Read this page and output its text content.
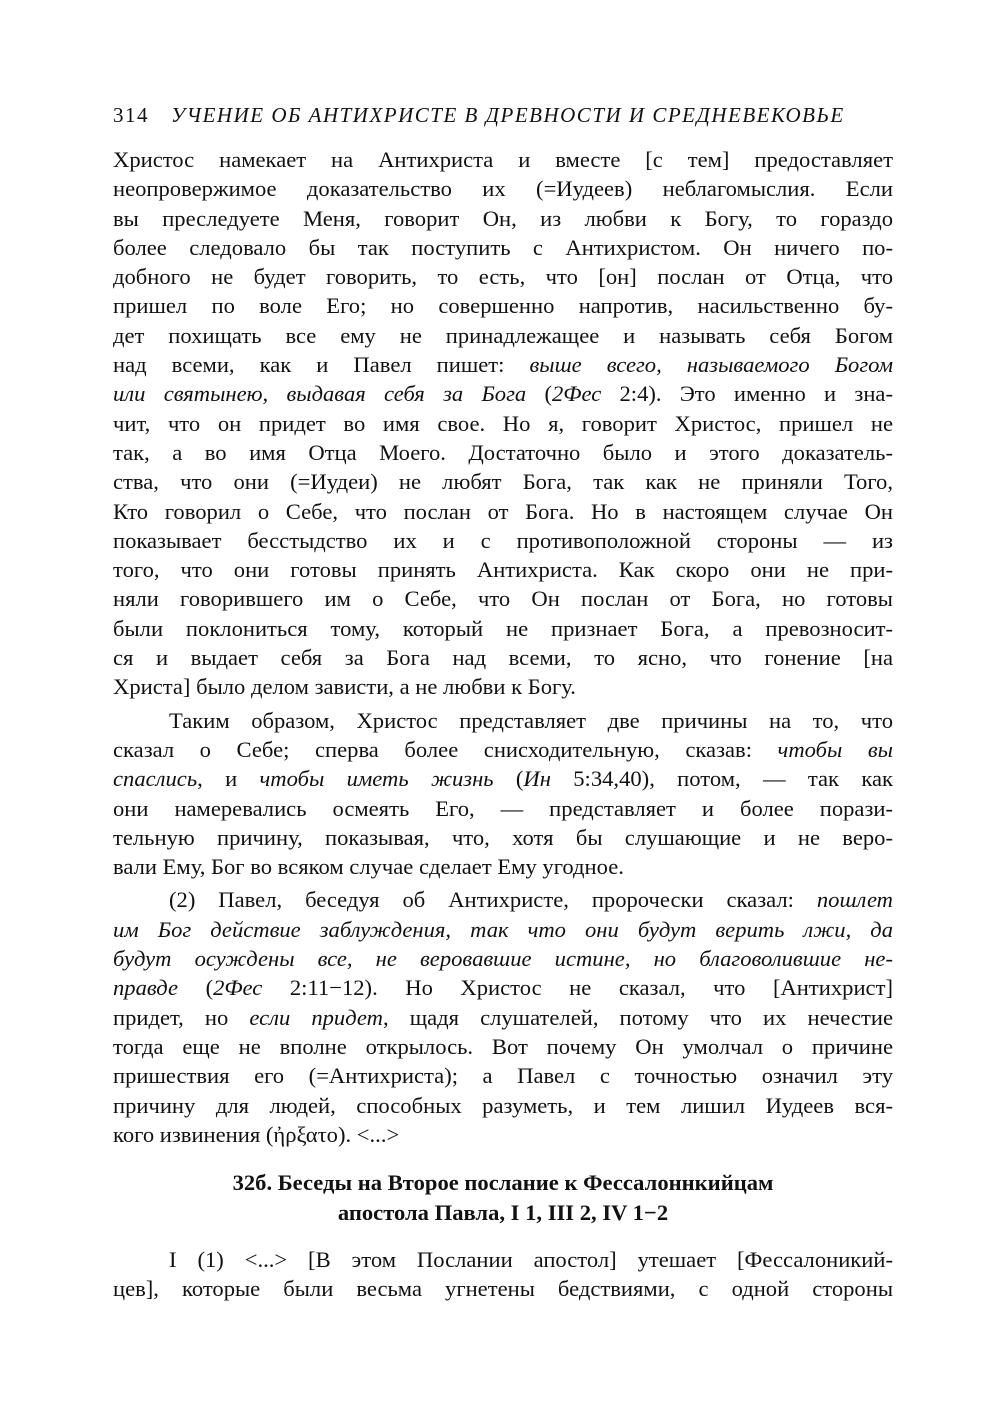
314 УЧЕНИЕ ОБ АНТИХРИСТЕ В ДРЕВНОСТИ И СРЕДНЕВЕКОВЬЕ
Христос намекает на Антихриста и вместе [с тем] предоставляет
неопровержимое доказательство их (=Иудеев) неблагомыслия. Если
вы преследуете Меня, говорит Он, из любви к Богу, то гораздо
более следовало бы так поступить с Антихристом. Он ничего по-
добного не будет говорить, то есть, что [он] послан от Отца, что
пришел по воле Его; но совершенно напротив, насильственно бу-
дет похищать все ему не принадлежащее и называть себя Богом
над всеми, как и Павел пишет: выше всего, называемого Богом
или святынею, выдавая себя за Бога (2Фес 2:4). Это именно и зна-
чит, что он придет во имя свое. Но я, говорит Христос, пришел не
так, а во имя Отца Моего. Достаточно было и этого доказатель-
ства, что они (=Иудеи) не любят Бога, так как не приняли Того,
Кто говорил о Себе, что послан от Бога. Но в настоящем случае Он
показывает бесстыдство их и с противоположной стороны — из
того, что они готовы принять Антихриста. Как скоро они не при-
няли говорившего им о Себе, что Он послан от Бога, но готовы
были поклониться тому, который не признает Бога, а превозносит-
ся и выдает себя за Бога над всеми, то ясно, что гонение [на
Христа] было делом зависти, а не любви к Богу.
Таким образом, Христос представляет две причины на то, что
сказал о Себе; сперва более снисходительную, сказав: чтобы вы
спаслись, и чтобы иметь жизнь (Ин 5:34,40), потом, — так как
они намеревались осмеять Его, — представляет и более порази-
тельную причину, показывая, что, хотя бы слушающие и не веро-
вали Ему, Бог во всяком случае сделает Ему угодное.
(2) Павел, беседуя об Антихристе, пророчески сказал: пошлет
им Бог действие заблуждения, так что они будут верить лжи, да
будут осуждены все, не веровавшие истине, но благоволившие не-
правде (2Фес 2:11−12). Но Христос не сказал, что [Антихрист]
придет, но если придет, щадя слушателей, потому что их нечестие
тогда еще не вполне открылось. Вот почему Он умолчал о причине
пришествия его (=Антихриста); а Павел с точностью означил эту
причину для людей, способных разуметь, и тем лишил Иудеев вся-
кого извинения (ἠρξατο). <...>
32б. Беседы на Второе послание к Фессалоннкийцам
апостола Павла, I 1, III 2, IV 1−2
I (1) <...> [В этом Послании апостол] утешает [Фессалоникий-
цев], которые были весьма угнетены бедствиями, с одной стороны
